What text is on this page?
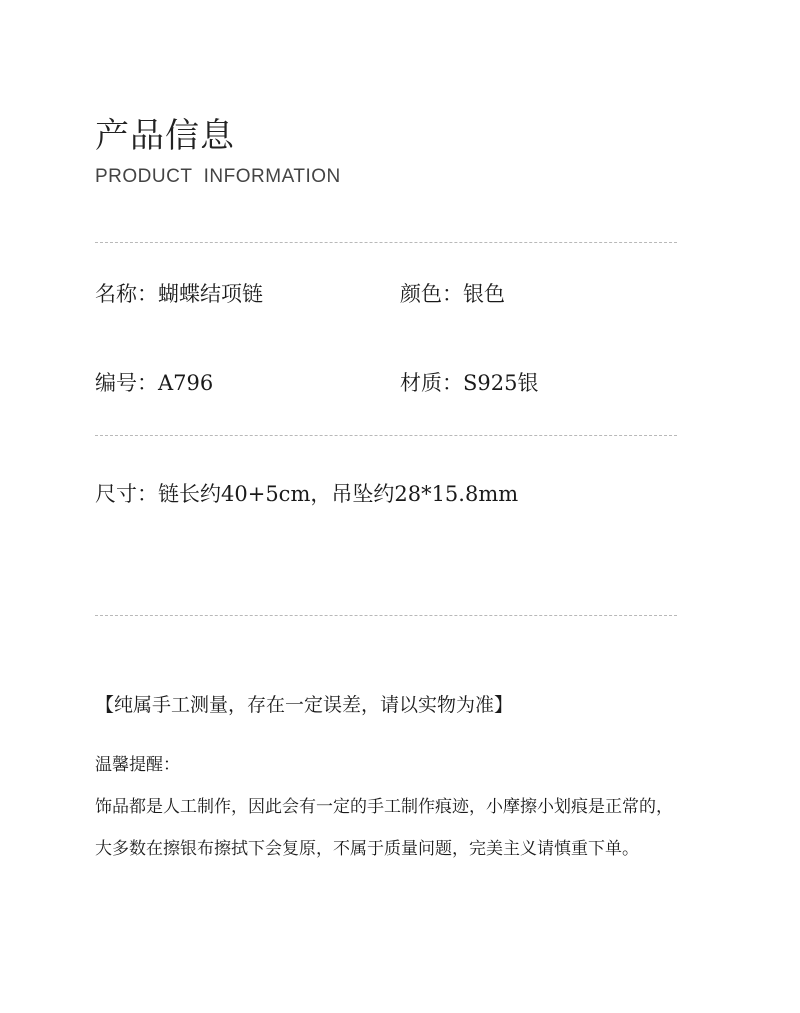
产品信息
PRODUCT  INFORMATION
名称：蝴蝶结项链	颜色：银色
编号：A796	材质：S925银
尺寸：链长约40+5cm，吊坠约28*15.8mm
【纯属手工测量，存在一定误差，请以实物为准】
温馨提醒：
饰品都是人工制作，因此会有一定的手工制作痕迹，小摩擦小划痕是正常的，
大多数在擦银布擦拭下会复原，不属于质量问题，完美主义请慎重下单。
